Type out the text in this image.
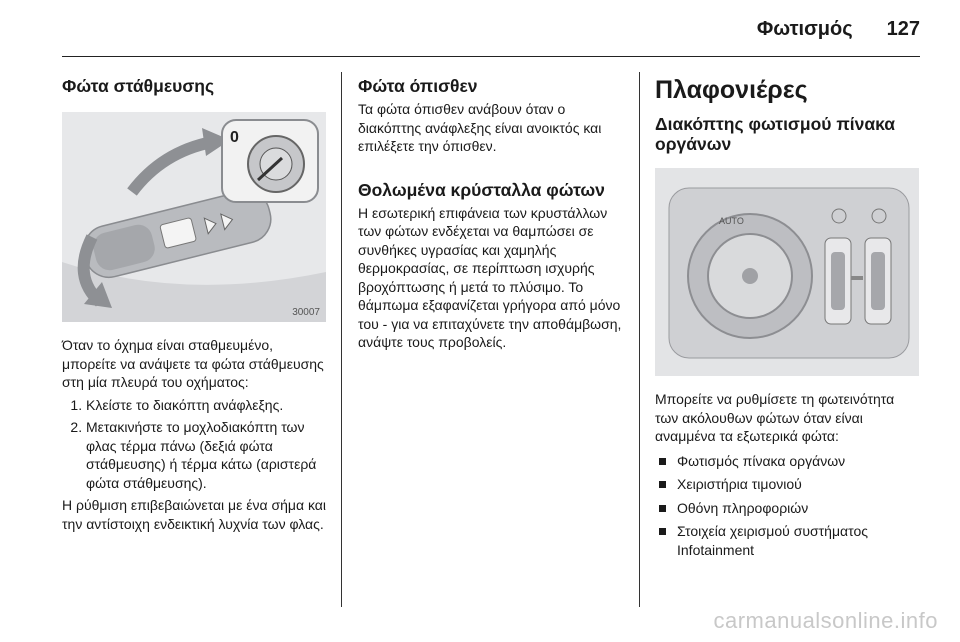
Φωτισμός 127
Φώτα στάθμευσης
0
30007

Όταν το όχημα είναι σταθμευμένο, μπορείτε να ανάψετε τα φώτα στάθμευσης στη μία πλευρά του οχήματος:

1. Κλείστε το διακόπτη ανάφλεξης.
2. Μετακινήστε το μοχλοδιακόπτη των φλας τέρμα πάνω (δεξιά φώτα στάθμευσης) ή τέρμα κάτω (αριστερά φώτα στάθμευσης).

Η ρύθμιση επιβεβαιώνεται με ένα σήμα και την αντίστοιχη ενδεικτική λυχνία των φλας.

Φώτα όπισθεν

Τα φώτα όπισθεν ανάβουν όταν ο διακόπτης ανάφλεξης είναι ανοικτός και επιλέξετε την όπισθεν.

Θολωμένα κρύσταλλα φώτων

Η εσωτερική επιφάνεια των κρυστάλλων των φώτων ενδέχεται να θαμπώσει σε συνθήκες υγρασίας και χαμηλής θερμοκρασίας, σε περίπτωση ισχυρής βροχόπτωσης ή μετά το πλύσιμο. Το θάμπωμα εξαφανίζεται γρήγορα από μόνο του - για να επιταχύνετε την αποθάμβωση, ανάψτε τους προβολείς.

Πλαφονιέρες
Διακόπτης φωτισμού πίνακα οργάνων
AUTO

Μπορείτε να ρυθμίσετε τη φωτεινότητα των ακόλουθων φώτων όταν είναι αναμμένα τα εξωτερικά φώτα:

Φωτισμός πίνακα οργάνων
Χειριστήρια τιμονιού
Οθόνη πληροφοριών
Στοιχεία χειρισμού συστήματος Infotainment
carmanualsonline.info
